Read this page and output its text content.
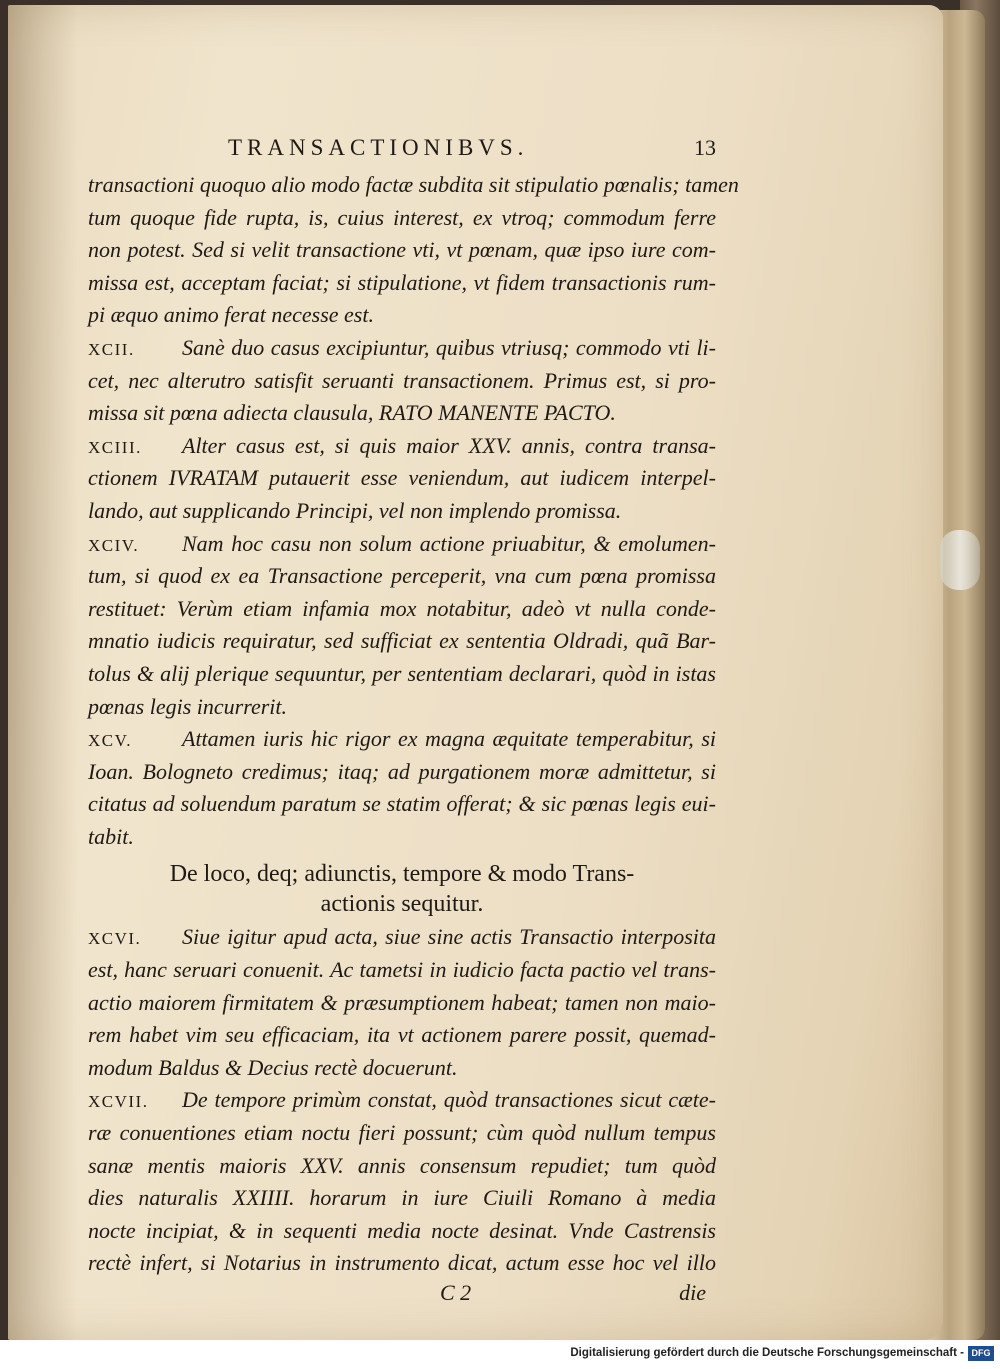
TRANSACTIONIBVS.	13
transactioni quoquo alio modo factæ subdita sit stipulatio pœnalis; tamen
tum quoque fide rupta, is, cuius interest, ex vtroq; commodum ferre
non potest. Sed si velit transactione vti, vt pœnam, quæ ipso iure com-
missa est, acceptam faciat; si stipulatione, vt fidem transactionis rum-
pi æquo animo ferat necesse est.
XCII. Sanè duo casus excipiuntur, quibus vtriusq; commodo vti li-
cet, nec alterutro satisfit seruanti transactionem. Primus est, si pro-
missa sit pœna adiecta clausula, RATO MANENTE PACTO.
XCIII. Alter casus est, si quis maior XXV. annis, contra transa-
ctionem IVRATAM putauerit esse veniendum, aut iudicem interpel-
lando, aut supplicando Principi, vel non implendo promissa.
XCIV. Nam hoc casu non solum actione priuabitur, & emolumen-
tum, si quod ex ea Transactione perceperit, vna cum pœna promissa
restituet: Verùm etiam infamia mox notabitur, adeò vt nulla conde-
mnatio iudicis requiratur, sed sufficiat ex sententia Oldradi, quã Bar-
tolus & alij plerique sequuntur, per sententiam declarari, quòd in istas
pœnas legis incurrerit.
XCV. Attamen iuris hic rigor ex magna æquitate temperabitur, si
Ioan. Bolognetо credimus; itaq; ad purgationem moræ admittetur, si
citatus ad soluendum paratum se statim offerat; & sic pœnas legis eui-
tabit.
De loco, deq; adiunctis, tempore & modo Trans-
actionis sequitur.
XCVI. Siue igitur apud acta, siue sine actis Transactio interposita
est, hanc seruari conuenit. Ac tametsi in iudicio facta pactio vel trans-
actio maiorem firmitatem & præsumptionem habeat; tamen non maio-
rem habet vim seu efficaciam, ita vt actionem parere possit, quemad-
modum Baldus & Decius rectè docuerunt.
XCVII. De tempore primùm constat, quòd transactiones sicut cæte-
ræ conuentiones etiam noctu fieri possunt; cùm quòd nullum tempus
sanæ mentis maioris XXV. annis consensum repudiet; tum quòd
dies naturalis XXIIII. horarum in iure Ciuili Romano à media
nocte incipiat, & in sequenti media nocte desinat. Vnde Castrensis
rectè infert, si Notarius in instrumento dicat, actum esse hoc vel illo
C 2	die
Digitalisierung gefördert durch die Deutsche Forschungsgemeinschaft - DFG
